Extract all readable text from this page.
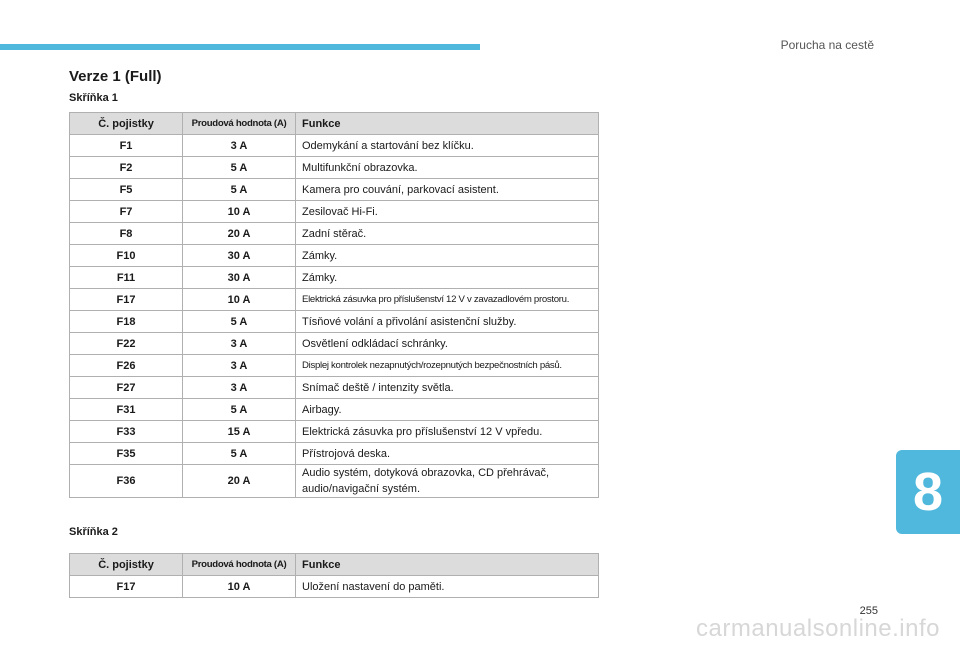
Porucha na cestě
Verze 1 (Full)
Skříňka 1
Č. pojistky	Proudová hodnota (A)	Funkce
F1	3 A	Odemykání a startování bez klíčku.
F2	5 A	Multifunkční obrazovka.
F5	5 A	Kamera pro couvání, parkovací asistent.
F7	10 A	Zesilovač Hi-Fi.
F8	20 A	Zadní stěrač.
F10	30 A	Zámky.
F11	30 A	Zámky.
F17	10 A	Elektrická zásuvka pro příslušenství 12 V v zavazadlovém prostoru.
F18	5 A	Tísňové volání a přivolání asistenční služby.
F22	3 A	Osvětlení odkládací schránky.
F26	3 A	Displej kontrolek nezapnutých/rozepnutých bezpečnostních pásů.
F27	3 A	Snímač deště / intenzity světla.
F31	5 A	Airbagy.
F33	15 A	Elektrická zásuvka pro příslušenství 12 V vpředu.
F35	5 A	Přístrojová deska.
F36	20 A	Audio systém, dotyková obrazovka, CD přehrávač, audio/navigační systém.
Skříňka 2
Č. pojistky	Proudová hodnota (A)	Funkce
F17	10 A	Uložení nastavení do paměti.
8
255
carmanualsonline.info
